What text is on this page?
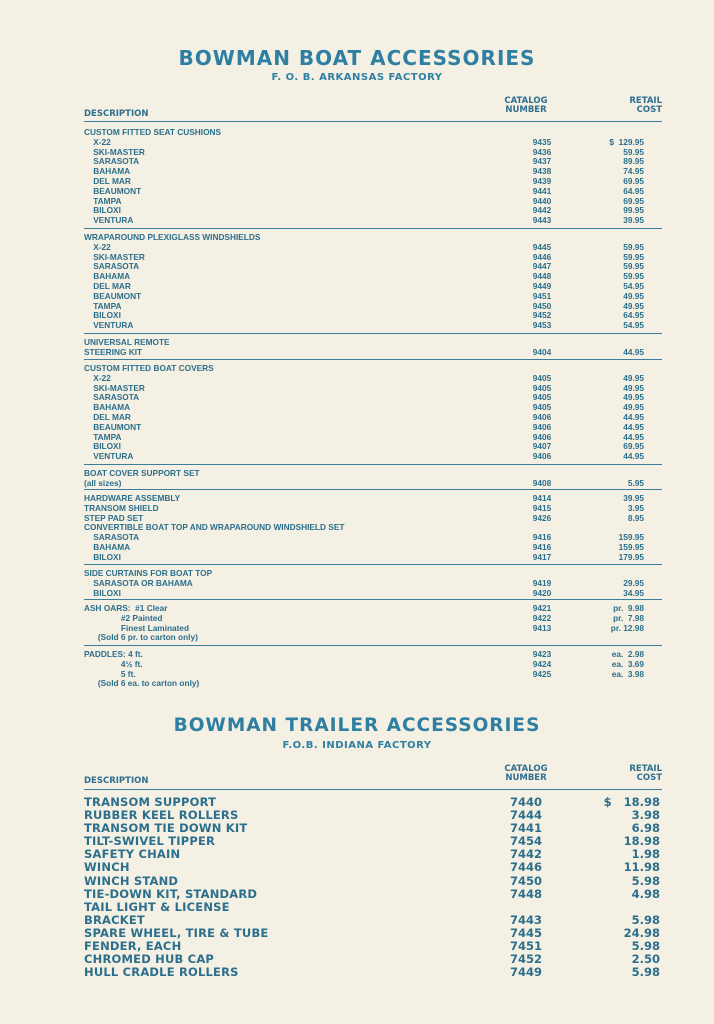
BOWMAN BOAT ACCESSORIES
F. O. B. ARKANSAS FACTORY
DESCRIPTION
CATALOG
NUMBER
RETAIL
COST
CUSTOM FITTED SEAT CUSHIONS
X-22	9435	$  129.95
SKI-MASTER	9436	59.95
SARASOTA	9437	89.95
BAHAMA	9438	74.95
DEL MAR	9439	69.95
BEAUMONT	9441	64.95
TAMPA	9440	69.95
BILOXI	9442	99.95
VENTURA	9443	39.95
WRAPAROUND PLEXIGLASS WINDSHIELDS
X-22	9445	59.95
SKI-MASTER	9446	59.95
SARASOTA	9447	59.95
BAHAMA	9448	59.95
DEL MAR	9449	54.95
BEAUMONT	9451	49.95
TAMPA	9450	49.95
BILOXI	9452	64.95
VENTURA	9453	54.95
UNIVERSAL REMOTE
STEERING KIT	9404	44.95
CUSTOM FITTED BOAT COVERS
X-22	9405	49.95
SKI-MASTER	9405	49.95
SARASOTA	9405	49.95
BAHAMA	9405	49.95
DEL MAR	9406	44.95
BEAUMONT	9406	44.95
TAMPA	9406	44.95
BILOXI	9407	69.95
VENTURA	9406	44.95
BOAT COVER SUPPORT SET
(all sizes)	9408	5.95
HARDWARE ASSEMBLY	9414	39.95
TRANSOM SHIELD	9415	3.95
STEP PAD SET	9426	8.95
CONVERTIBLE BOAT TOP AND WRAPAROUND WINDSHIELD SET
SARASOTA	9416	159.95
BAHAMA	9416	159.95
BILOXI	9417	179.95
SIDE CURTAINS FOR BOAT TOP
SARASOTA OR BAHAMA	9419	29.95
BILOXI	9420	34.95
ASH OARS:  #1 Clear	9421	pr.  9.98
#2 Painted	9422	pr.  7.98
Finest Laminated	9413	pr. 12.98
(Sold 6 pr. to carton only)
PADDLES: 4 ft.	9423	ea.  2.98
4½ ft.	9424	ea.  3.69
5 ft.	9425	ea.  3.98
(Sold 6 ea. to carton only)
BOWMAN TRAILER ACCESSORIES
F.O.B. INDIANA FACTORY
DESCRIPTION
CATALOG
NUMBER
RETAIL
COST
TRANSOM SUPPORT	7440	$   18.98
RUBBER KEEL ROLLERS	7444	3.98
TRANSOM TIE DOWN KIT	7441	6.98
TILT-SWIVEL TIPPER	7454	18.98
SAFETY CHAIN	7442	1.98
WINCH	7446	11.98
WINCH STAND	7450	5.98
TIE-DOWN KIT, STANDARD	7448	4.98
TAIL LIGHT & LICENSE
BRACKET	7443	5.98
SPARE WHEEL, TIRE & TUBE	7445	24.98
FENDER, EACH	7451	5.98
CHROMED HUB CAP	7452	2.50
HULL CRADLE ROLLERS	7449	5.98
